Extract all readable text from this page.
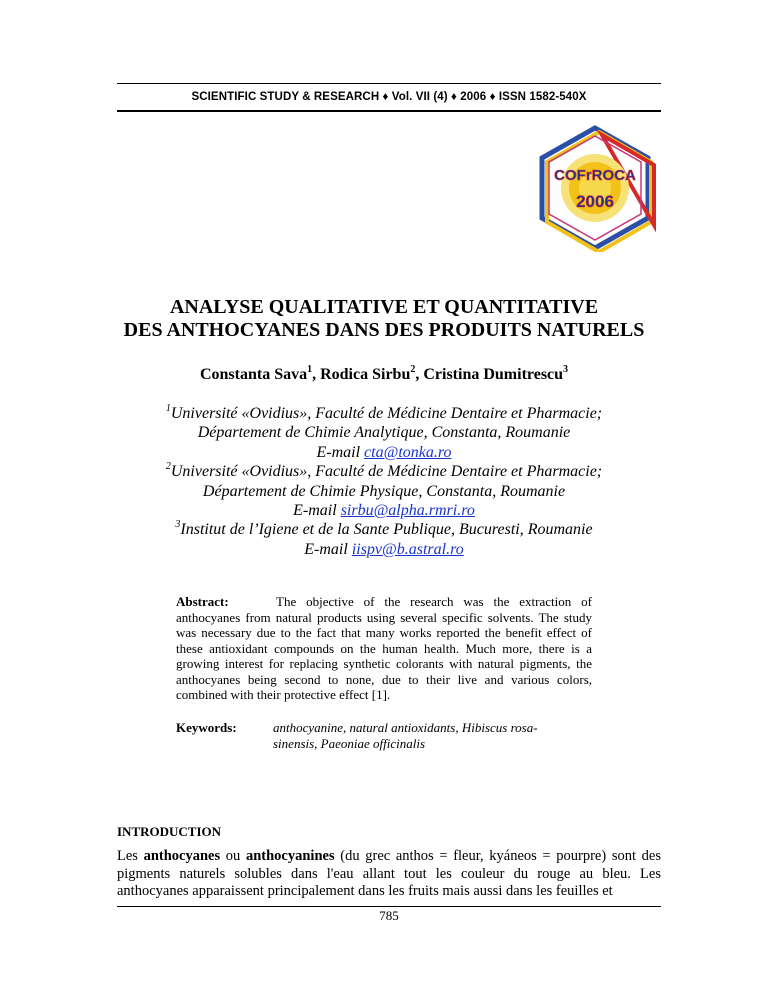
SCIENTIFIC STUDY & RESEARCH ♦ Vol. VII (4) ♦ 2006 ♦ ISSN 1582-540X
COFrROCA
2006
ANALYSE QUALITATIVE ET QUANTITATIVE
DES ANTHOCYANES DANS DES PRODUITS NATURELS
Constanta Sava$^1$, Rodica Sirbu$^2$, Cristina Dumitrescu$^3$
$^1$Université «Ovidius», Faculté de Médicine Dentaire et Pharmacie;
Département de Chimie Analytique, Constanta, Roumanie
E-mail cta@tonka.ro
$^2$Université «Ovidius», Faculté de Médicine Dentaire et Pharmacie;
Département de Chimie Physique, Constanta, Roumanie
E-mail sirbu@alpha.rmri.ro
$^3$Institut de l’Igiene et de la Sante Publique, Bucuresti, Roumanie
E-mail iispv@b.astral.ro
Abstract:	The objective of the research was the extraction of anthocyanes from natural products using several specific solvents. The study was necessary due to the fact that many works reported the benefit effect of these antioxidant compounds on the human health. Much more, there is a growing interest for replacing synthetic colorants with natural pigments, the anthocyanes being second to none, due to their live and various colors, combined with their protective effect [1].
Keywords:	anthocyanine, natural antioxidants, Hibiscus rosa-sinensis, Paeoniae officinalis
INTRODUCTION
Les anthocyanes ou anthocyanines (du grec anthos = fleur, kyáneos = pourpre) sont des pigments naturels solubles dans l'eau allant tout les couleur du rouge au bleu. Les anthocyanes apparaissent principalement dans les fruits mais aussi dans les feuilles et
785
